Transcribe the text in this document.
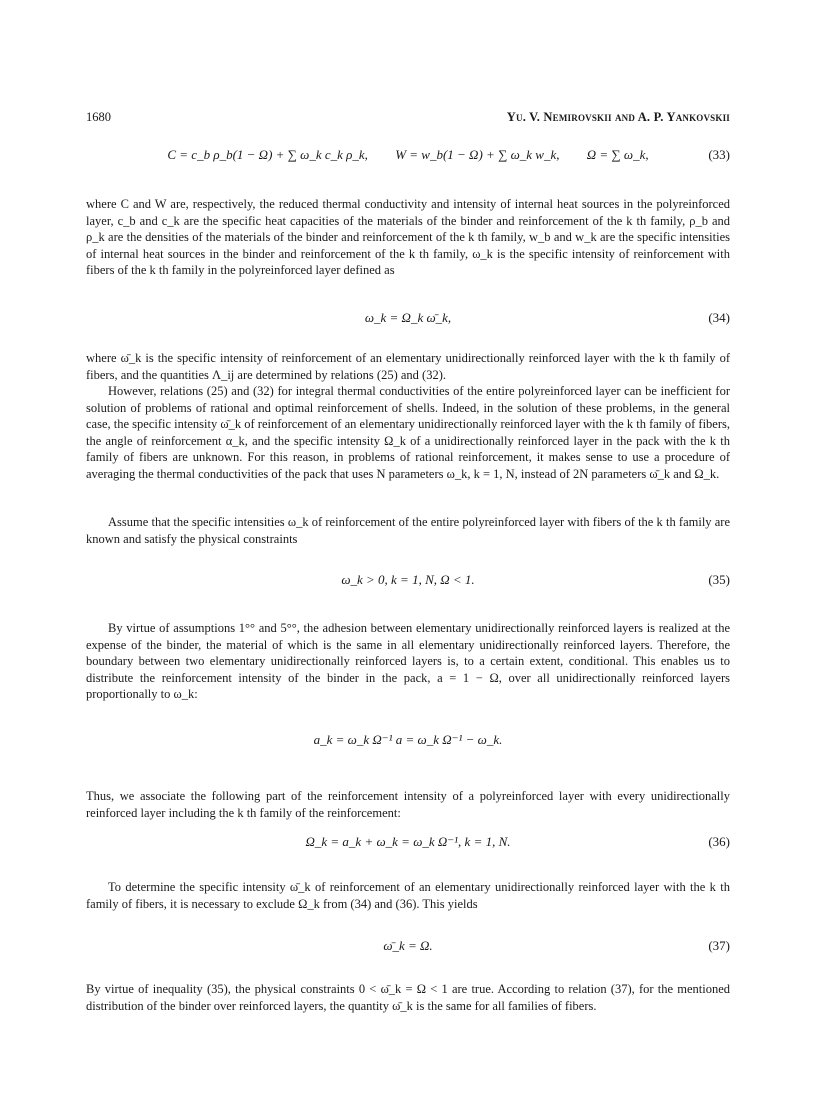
1680	Yu. V. Nemirovskii and A. P. Yankovskii
C = c_b ρ_b(1 − Ω) + ∑ ω_k c_k ρ_k, W = w_b(1 − Ω) + ∑ ω_k w_k, Ω = ∑ ω_k,	(33)
where C and W are, respectively, the reduced thermal conductivity and intensity of internal heat sources in the polyreinforced layer, c_b and c_k are the specific heat capacities of the materials of the binder and reinforcement of the k th family, ρ_b and ρ_k are the densities of the materials of the binder and reinforcement of the k th family, w_b and w_k are the specific intensities of internal heat sources in the binder and reinforcement of the k th family, ω_k is the specific intensity of reinforcement with fibers of the k th family in the polyreinforced layer defined as
ω_k = Ω_k ω̄_k,	(34)
where ω̄_k is the specific intensity of reinforcement of an elementary unidirectionally reinforced layer with the k th family of fibers, and the quantities Λ_ij are determined by relations (25) and (32).
However, relations (25) and (32) for integral thermal conductivities of the entire polyreinforced layer can be inefficient for solution of problems of rational and optimal reinforcement of shells. Indeed, in the solution of these problems, in the general case, the specific intensity ω̄_k of reinforcement of an elementary unidirectionally reinforced layer with the k th family of fibers, the angle of reinforcement α_k, and the specific intensity Ω_k of a unidirectionally reinforced layer in the pack with the k th family of fibers are unknown. For this reason, in problems of rational reinforcement, it makes sense to use a procedure of averaging the thermal conductivities of the pack that uses N parameters ω_k, k = 1, N, instead of 2N parameters ω̄_k and Ω_k.
Assume that the specific intensities ω_k of reinforcement of the entire polyreinforced layer with fibers of the k th family are known and satisfy the physical constraints
ω_k > 0, k = 1, N, Ω < 1.	(35)
By virtue of assumptions 1°° and 5°°, the adhesion between elementary unidirectionally reinforced layers is realized at the expense of the binder, the material of which is the same in all elementary unidirectionally reinforced layers. Therefore, the boundary between two elementary unidirectionally reinforced layers is, to a certain extent, conditional. This enables us to distribute the reinforcement intensity of the binder in the pack, a = 1 − Ω, over all unidirectionally reinforced layers proportionally to ω_k:
a_k = ω_k Ω⁻¹ a = ω_k Ω⁻¹ − ω_k.
Thus, we associate the following part of the reinforcement intensity of a polyreinforced layer with every unidirectionally reinforced layer including the k th family of the reinforcement:
Ω_k = a_k + ω_k = ω_k Ω⁻¹, k = 1, N.	(36)
To determine the specific intensity ω̄_k of reinforcement of an elementary unidirectionally reinforced layer with the k th family of fibers, it is necessary to exclude Ω_k from (34) and (36). This yields
ω̄_k = Ω.	(37)
By virtue of inequality (35), the physical constraints 0 < ω̄_k = Ω < 1 are true. According to relation (37), for the mentioned distribution of the binder over reinforced layers, the quantity ω̄_k is the same for all families of fibers.
